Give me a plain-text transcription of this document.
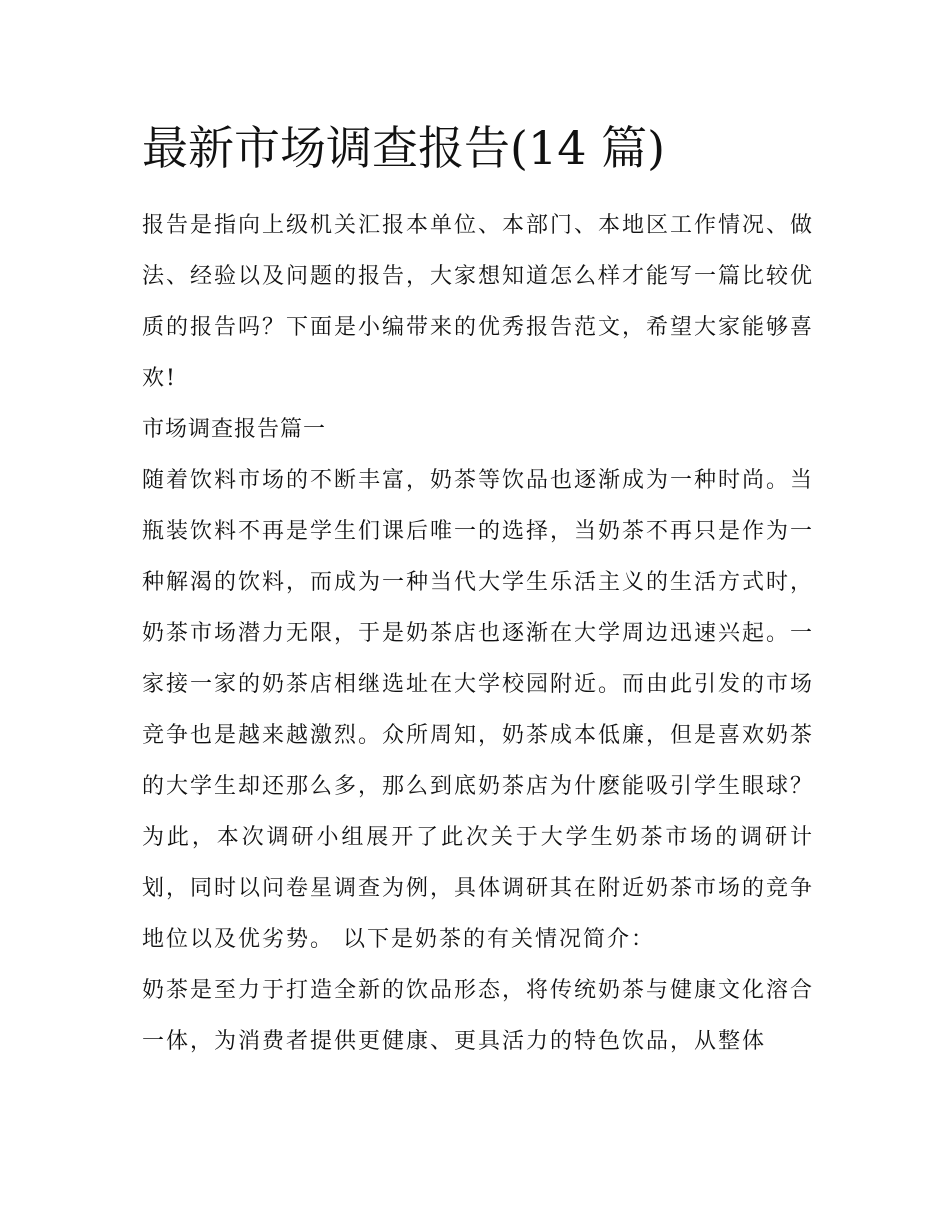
最新市场调查报告(14 篇)

报告是指向上级机关汇报本单位、本部门、本地区工作情况、做法、经验以及问题的报告，大家想知道怎么样才能写一篇比较优质的报告吗？下面是小编带来的优秀报告范文，希望大家能够喜欢!

市场调查报告篇一

随着饮料市场的不断丰富，奶茶等饮品也逐渐成为一种时尚。当瓶装饮料不再是学生们课后唯一的选择，当奶茶不再只是作为一种解渴的饮料，而成为一种当代大学生乐活主义的生活方式时，奶茶市场潜力无限，于是奶茶店也逐渐在大学周边迅速兴起。一家接一家的奶茶店相继选址在大学校园附近。而由此引发的市场竞争也是越来越激烈。众所周知，奶茶成本低廉，但是喜欢奶茶的大学生却还那么多，那么到底奶茶店为什麽能吸引学生眼球？

为此，本次调研小组展开了此次关于大学生奶茶市场的调研计划，同时以问卷星调查为例，具体调研其在附近奶茶市场的竞争地位以及优劣势。 以下是奶茶的有关情况简介：

奶茶是至力于打造全新的饮品形态，将传统奶茶与健康文化溶合一体，为消费者提供更健康、更具活力的特色饮品，从整体
